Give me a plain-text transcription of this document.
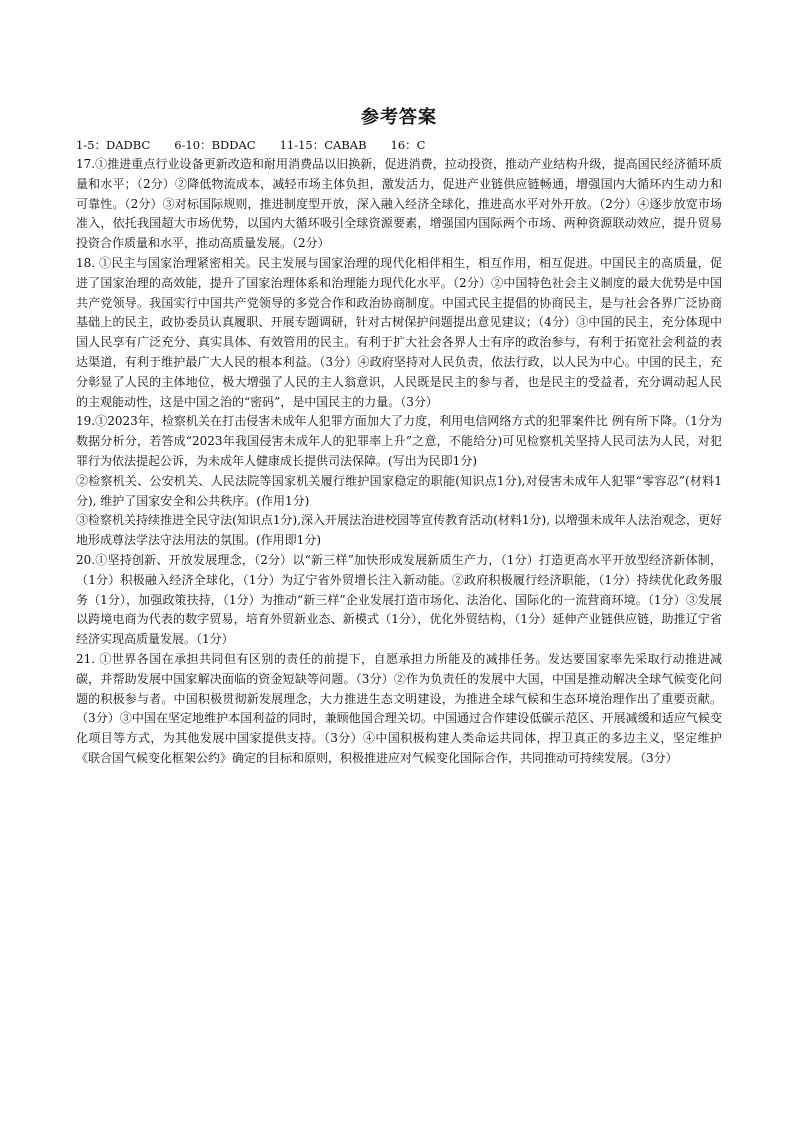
参考答案
1-5：DADBC 6-10：BDDAC 11-15：CABAB 16：C

17.①推进重点行业设备更新改造和耐用消费品以旧换新，促进消费，拉动投资，推动产业结构升级，提高国民经济循环质量和水平；（2分）②降低物流成本，减轻市场主体负担，激发活力，促进产业链供应链畅通，增强国内大循环内生动力和可靠性。（2分）③对标国际规则，推进制度型开放，深入融入经济全球化，推进高水平对外开放。（2分）④逐步放宽市场准入，依托我国超大市场优势，以国内大循环吸引全球资源要素，增强国内国际两个市场、两种资源联动效应，提升贸易投资合作质量和水平，推动高质量发展。（2分）

18. ①民主与国家治理紧密相关。民主发展与国家治理的现代化相伴相生，相互作用，相互促进。中国民主的高质量，促进了国家治理的高效能，提升了国家治理体系和治理能力现代化水平。（2分）②中国特色社会主义制度的最大优势是中国共产党领导。我国实行中国共产党领导的多党合作和政治协商制度。中国式民主提倡的协商民主，是与社会各界广泛协商基础上的民主，政协委员认真履职、开展专题调研，针对古树保护问题提出意见建议；（4分）③中国的民主，充分体现中国人民享有广泛充分、真实具体、有效管用的民主。有利于扩大社会各界人士有序的政治参与，有利于拓宽社会利益的表达渠道，有利于维护最广大人民的根本利益。（3分）④政府坚持对人民负责，依法行政，以人民为中心。中国的民主，充分彰显了人民的主体地位，极大增强了人民的主人翁意识，人民既是民主的参与者，也是民主的受益者，充分调动起人民的主观能动性，这是中国之治的“密码”，是中国民主的力量。（3分）

19.①2023年，检察机关在打击侵害未成年人犯罪方面加大了力度，利用电信网络方式的犯罪案件比 例有所下降。（1分为数据分析分，若答成“2023年我国侵害未成年人的犯罪率上升”之意，不能给分)可见检察机关坚持人民司法为人民，对犯罪行为依法提起公诉，为未成年人健康成长提供司法保障。(写出为民即1分)

②检察机关、公安机关、人民法院等国家机关履行维护国家稳定的职能(知识点1分),对侵害未成年人犯罪“零容忍”(材料1分), 维护了国家安全和公共秩序。(作用1分)

③检察机关持续推进全民守法(知识点1分),深入开展法治进校园等宣传教育活动(材料1分), 以增强未成年人法治观念，更好地形成尊法学法守法用法的氛围。(作用即1分)

20.①坚持创新、开放发展理念，（2分）以“新三样”加快形成发展新质生产力，（1分）打造更高水平开放型经济新体制，（1分）积极融入经济全球化，（1分）为辽宁省外贸增长注入新动能。②政府积极履行经济职能，（1分）持续优化政务服务（1分），加强政策扶持，（1分）为推动“新三样”企业发展打造市场化、法治化、国际化的一流营商环境。（1分）③发展以跨境电商为代表的数字贸易，培育外贸新业态、新模式（1分），优化外贸结构，（1分）延伸产业链供应链，助推辽宁省经济实现高质量发展。（1分）

21. ①世界各国在承担共同但有区别的责任的前提下，自愿承担力所能及的减排任务。发达要国家率先采取行动推进减碳，并帮助发展中国家解决面临的资金短缺等问题。（3分）②作为负责任的发展中大国，中国是推动解决全球气候变化问题的积极参与者。中国积极贯彻新发展理念，大力推进生态文明建设，为推进全球气候和生态环境治理作出了重要贡献。（3分）③中国在坚定地维护本国利益的同时，兼顾他国合理关切。中国通过合作建设低碳示范区、开展减缓和适应气候变化项目等方式，为其他发展中国家提供支持。（3分）④中国积极构建人类命运共同体，捍卫真正的多边主义，坚定维护《联合国气候变化框架公约》确定的目标和原则，积极推进应对气候变化国际合作，共同推动可持续发展。（3分）
